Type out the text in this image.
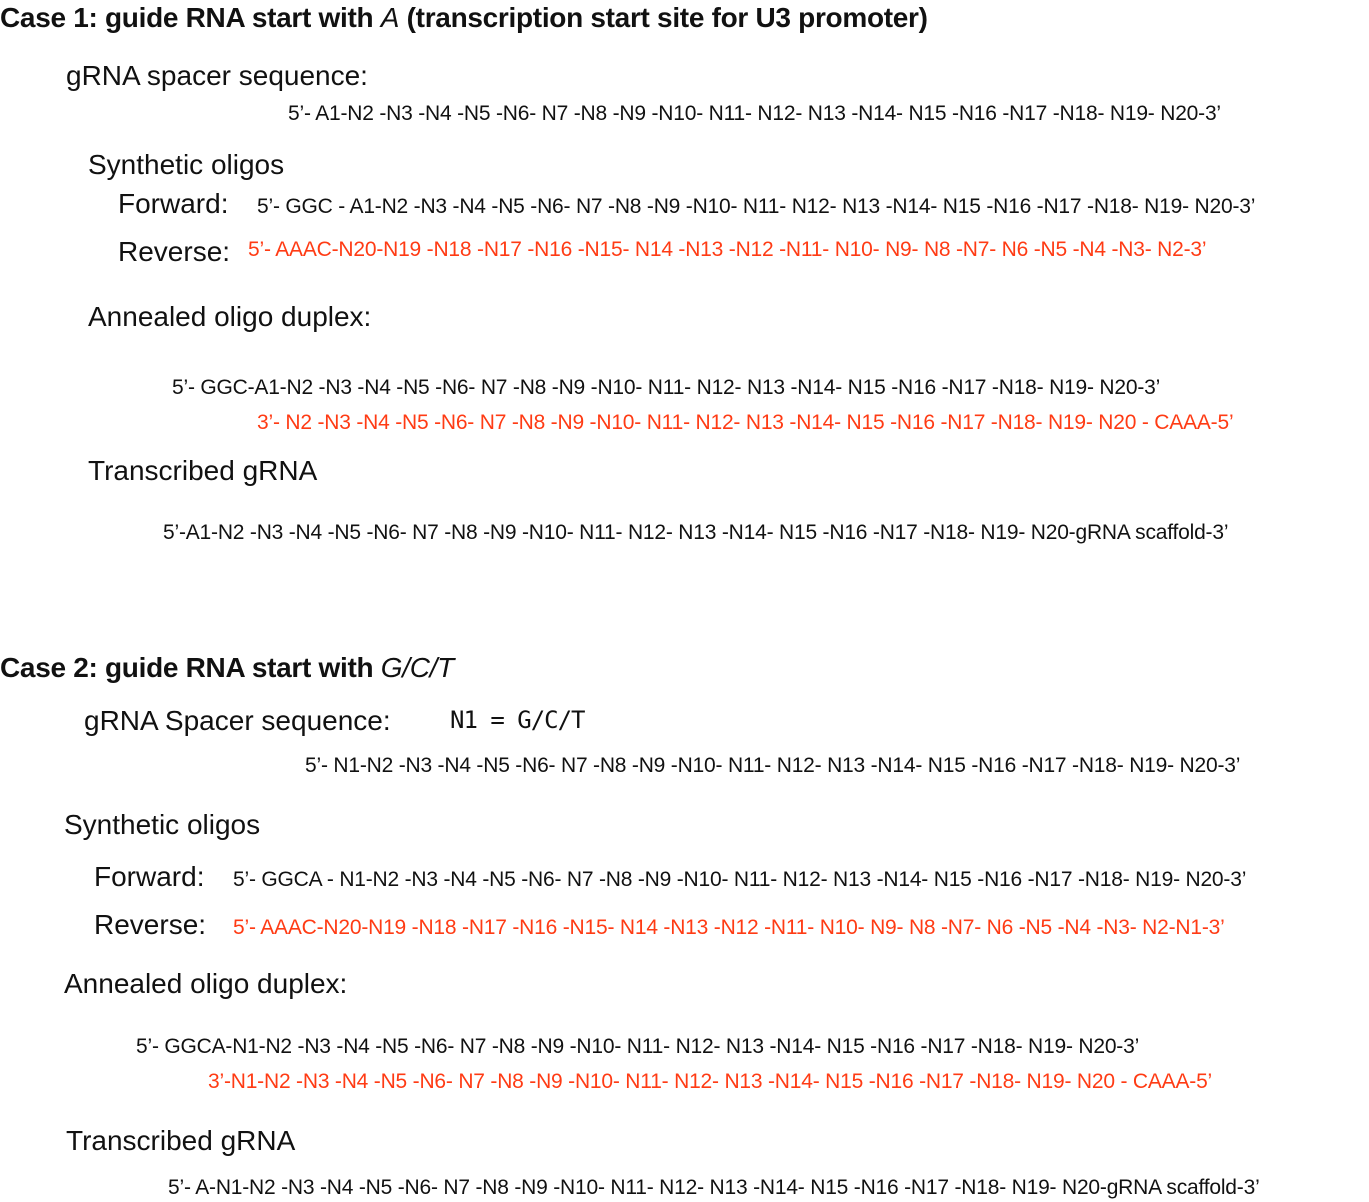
Case 1: guide RNA start with A (transcription start site for U3 promoter)
gRNA spacer sequence:
5’- A1-N2 -N3 -N4 -N5 -N6- N7 -N8 -N9 -N10- N11- N12- N13 -N14- N15 -N16 -N17 -N18- N19- N20-3’
Synthetic oligos
Forward: 5’- GGC - A1-N2 -N3 -N4 -N5 -N6- N7 -N8 -N9 -N10- N11- N12- N13 -N14- N15 -N16 -N17 -N18- N19- N20-3’
Reverse: 5’- AAAC-N20-N19 -N18 -N17 -N16 -N15- N14 -N13 -N12 -N11- N10- N9- N8 -N7- N6 -N5 -N4 -N3- N2-3’
Annealed oligo duplex:
5’- GGC-A1-N2 -N3 -N4 -N5 -N6- N7 -N8 -N9 -N10- N11- N12- N13 -N14- N15 -N16 -N17 -N18- N19- N20-3’
3’- N2 -N3 -N4 -N5 -N6- N7 -N8 -N9 -N10- N11- N12- N13 -N14- N15 -N16 -N17 -N18- N19- N20 - CAAA-5’
Transcribed gRNA
5’-A1-N2 -N3 -N4 -N5 -N6- N7 -N8 -N9 -N10- N11- N12- N13 -N14- N15 -N16 -N17 -N18- N19- N20-gRNA scaffold-3’
Case 2: guide RNA start with G/C/T
gRNA Spacer sequence: N1 = G/C/T
5’- N1-N2 -N3 -N4 -N5 -N6- N7 -N8 -N9 -N10- N11- N12- N13 -N14- N15 -N16 -N17 -N18- N19- N20-3’
Synthetic oligos
Forward: 5’- GGCA - N1-N2 -N3 -N4 -N5 -N6- N7 -N8 -N9 -N10- N11- N12- N13 -N14- N15 -N16 -N17 -N18- N19- N20-3’
Reverse: 5’- AAAC-N20-N19 -N18 -N17 -N16 -N15- N14 -N13 -N12 -N11- N10- N9- N8 -N7- N6 -N5 -N4 -N3- N2-N1-3’
Annealed oligo duplex:
5’- GGCA-N1-N2 -N3 -N4 -N5 -N6- N7 -N8 -N9 -N10- N11- N12- N13 -N14- N15 -N16 -N17 -N18- N19- N20-3’
3’-N1-N2 -N3 -N4 -N5 -N6- N7 -N8 -N9 -N10- N11- N12- N13 -N14- N15 -N16 -N17 -N18- N19- N20 - CAAA-5’
Transcribed gRNA
5’- A-N1-N2 -N3 -N4 -N5 -N6- N7 -N8 -N9 -N10- N11- N12- N13 -N14- N15 -N16 -N17 -N18- N19- N20-gRNA scaffold-3’
